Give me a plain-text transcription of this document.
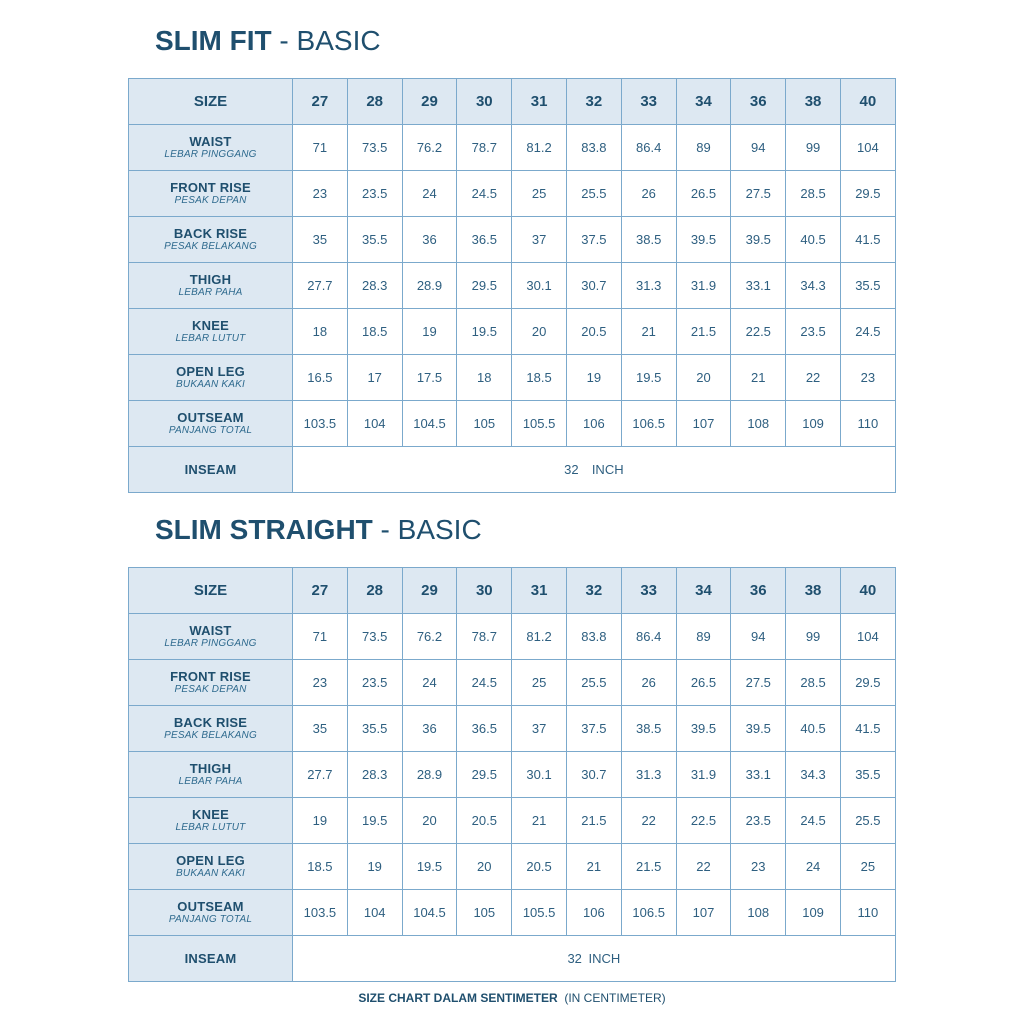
SLIM FIT - BASIC
SIZE	27	28	29	30	31	32	33	34	36	38	40

WAIST
LEBAR PINGGANG	71	73.5	76.2	78.7	81.2	83.8	86.4	89	94	99	104

FRONT RISE
PESAK DEPAN	23	23.5	24	24.5	25	25.5	26	26.5	27.5	28.5	29.5

BACK RISE
PESAK BELAKANG	35	35.5	36	36.5	37	37.5	38.5	39.5	39.5	40.5	41.5

THIGH
LEBAR PAHA	27.7	28.3	28.9	29.5	30.1	30.7	31.3	31.9	33.1	34.3	35.5

KNEE
LEBAR LUTUT	18	18.5	19	19.5	20	20.5	21	21.5	22.5	23.5	24.5

OPEN LEG
BUKAAN KAKI	16.5	17	17.5	18	18.5	19	19.5	20	21	22	23

OUTSEAM
PANJANG TOTAL	103.5	104	104.5	105	105.5	106	106.5	107	108	109	110

INSEAM	32  INCH										
SLIM STRAIGHT - BASIC
SIZE	27	28	29	30	31	32	33	34	36	38	40

WAIST
LEBAR PINGGANG	71	73.5	76.2	78.7	81.2	83.8	86.4	89	94	99	104

FRONT RISE
PESAK DEPAN	23	23.5	24	24.5	25	25.5	26	26.5	27.5	28.5	29.5

BACK RISE
PESAK BELAKANG	35	35.5	36	36.5	37	37.5	38.5	39.5	39.5	40.5	41.5

THIGH
LEBAR PAHA	27.7	28.3	28.9	29.5	30.1	30.7	31.3	31.9	33.1	34.3	35.5

KNEE
LEBAR LUTUT	19	19.5	20	20.5	21	21.5	22	22.5	23.5	24.5	25.5

OPEN LEG
BUKAAN KAKI	18.5	19	19.5	20	20.5	21	21.5	22	23	24	25

OUTSEAM
PANJANG TOTAL	103.5	104	104.5	105	105.5	106	106.5	107	108	109	110

INSEAM	32 INCH										
SIZE CHART DALAM SENTIMETER  (IN CENTIMETER)
